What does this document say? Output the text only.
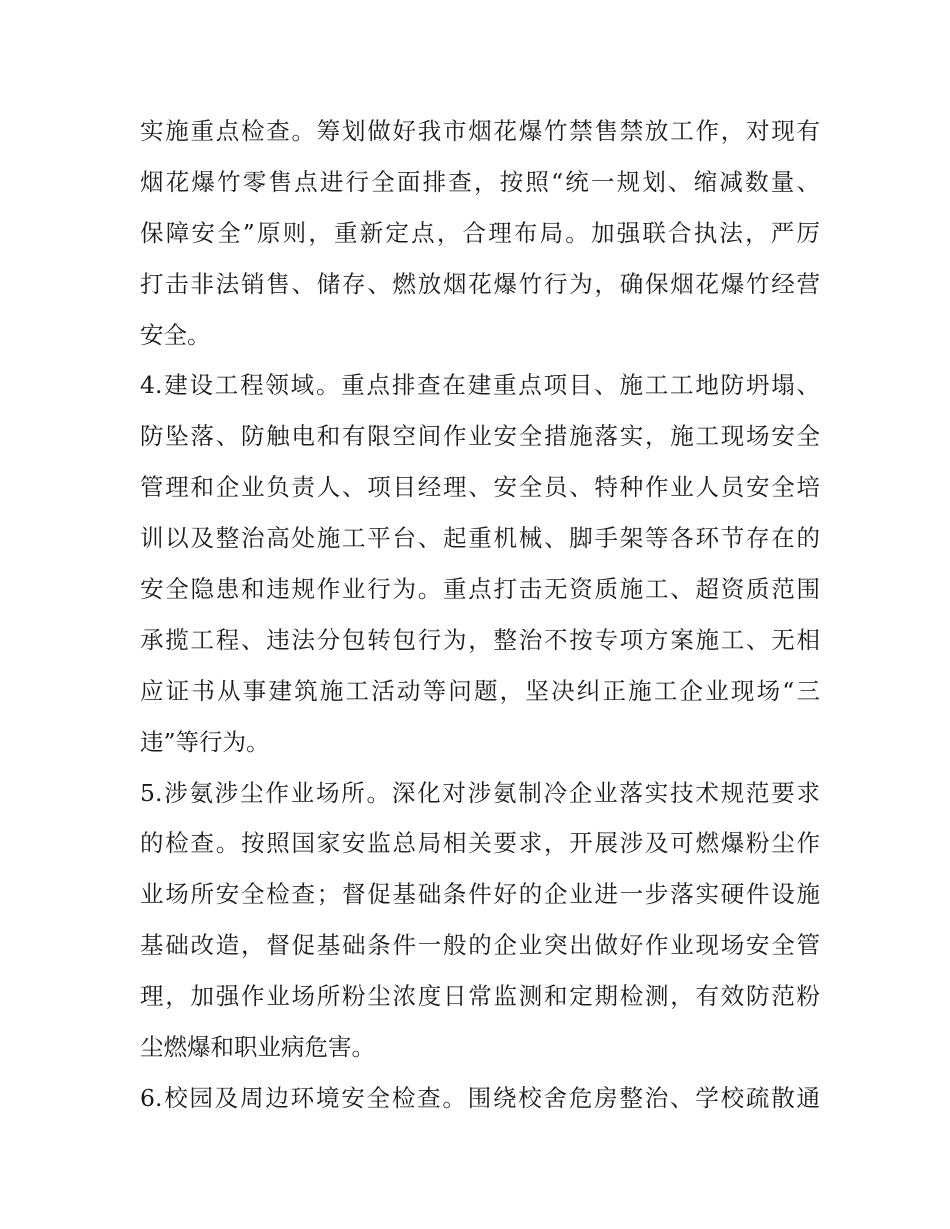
实施重点检查。筹划做好我市烟花爆竹禁售禁放工作，对现有
烟花爆竹零售点进行全面排查，按照“统一规划、缩减数量、
保障安全”原则，重新定点，合理布局。加强联合执法，严厉
打击非法销售、储存、燃放烟花爆竹行为，确保烟花爆竹经营
安全。
4.建设工程领域。重点排查在建重点项目、施工工地防坍塌、
防坠落、防触电和有限空间作业安全措施落实，施工现场安全
管理和企业负责人、项目经理、安全员、特种作业人员安全培
训以及整治高处施工平台、起重机械、脚手架等各环节存在的
安全隐患和违规作业行为。重点打击无资质施工、超资质范围
承揽工程、违法分包转包行为，整治不按专项方案施工、无相
应证书从事建筑施工活动等问题，坚决纠正施工企业现场“三
违”等行为。
5.涉氨涉尘作业场所。深化对涉氨制冷企业落实技术规范要求
的检查。按照国家安监总局相关要求，开展涉及可燃爆粉尘作
业场所安全检查；督促基础条件好的企业进一步落实硬件设施
基础改造，督促基础条件一般的企业突出做好作业现场安全管
理，加强作业场所粉尘浓度日常监测和定期检测，有效防范粉
尘燃爆和职业病危害。
6.校园及周边环境安全检查。围绕校舍危房整治、学校疏散通
